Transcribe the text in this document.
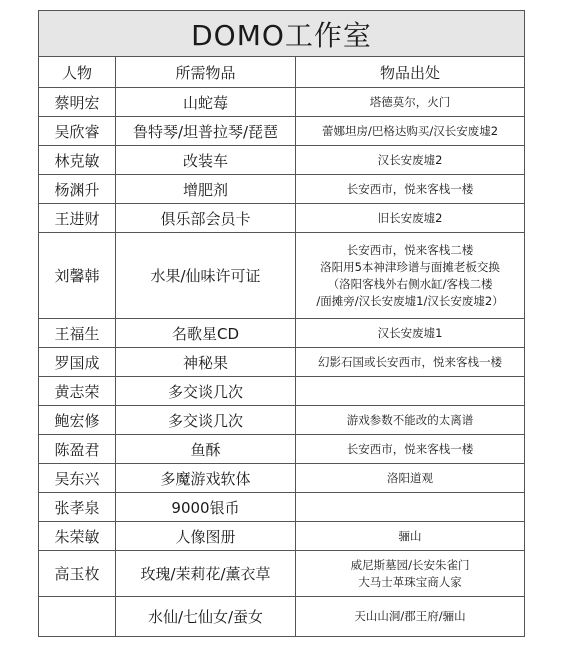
DOMO工作室		
人物	所需物品	物品出处
蔡明宏	山蛇莓	塔德莫尔，火门

吴欣睿	鲁特琴/坦普拉琴/琵琶	蕾娜坦房/巴格达购买/汉长安废墟2

林克敏	改装车	汉长安废墟2

杨渊升	增肥剂	长安西市，悦来客栈一楼

王进财	俱乐部会员卡	旧长安废墟2

刘馨韩	水果/仙味许可证	长安西市，悦来客栈二楼
洛阳用5本神津珍谱与面摊老板交换
（洛阳客栈外右侧水缸/客栈二楼
/面摊旁/汉长安废墟1/汉长安废墟2）

王福生	名歌星CD	汉长安废墟1

罗国成	神秘果	幻影石国或长安西市，悦来客栈一楼

黄志荣	多交谈几次	

鲍宏修	多交谈几次	游戏参数不能改的太离谱

陈盈君	鱼酥	长安西市，悦来客栈一楼

吴东兴	多魔游戏软体	洛阳道观

张孝泉	9000银币	

朱荣敏	人像图册	骊山

高玉枚	玫瑰/茉莉花/薰衣草	威尼斯墓园/长安朱雀门
大马士革珠宝商人家

	水仙/七仙女/蚕女	天山山洞/郡王府/骊山
